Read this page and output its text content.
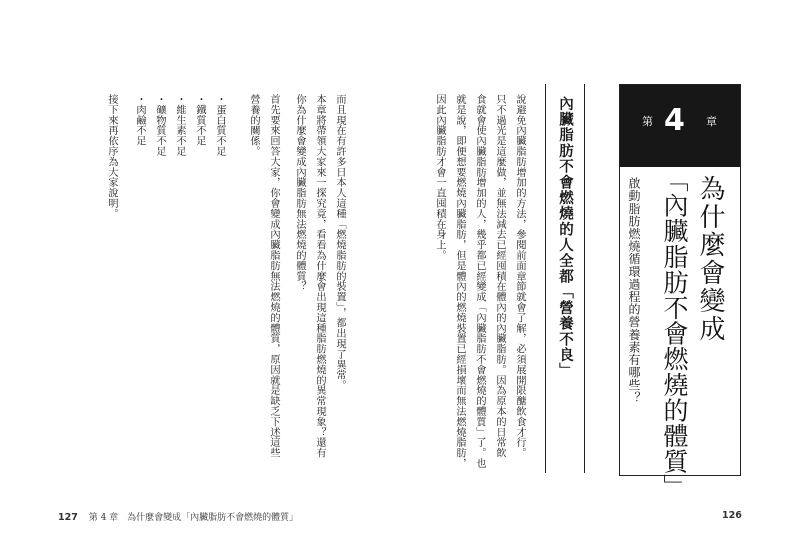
而且現在有許多日本人這種「燃燒脂肪的裝置」，都出現了異常。
本章將帶領大家來一探究竟，看看為什麼會出現這種脂肪燃燒的異常現象？還有
你為什麼會變成內臟脂肪無法燃燒的體質？
首先要來回答大家，你會變成內臟脂肪無法燃燒的體質，原因就是缺乏下述這些
營養的關係。
・蛋白質不足
・鐵質不足
・維生素不足
・礦物質不足
・肉鹼不足
接下來再依序為大家說明。
127 第 4 章　為什麼會變成「內臟脂肪不會燃燒的體質」
說避免內臟脂肪增加的方法，參閱前面章節就會了解，必須展開限醣飲食才行。
只不過光是這麼做，並無法減去已經囤積在體內的內臟脂肪。因為原本的日常飲
食就會使內臟脂肪增加的人，幾乎都已經變成「內臟脂肪不會燃燒的體質」了。也
就是說，即便想要燃燒內臟脂肪，但是體內的燃燒裝置已經損壞而無法燃燒脂肪，
因此內臟脂肪才會一直囤積在身上。	內臟脂肪不會燃燒的人全都「營養不良」	第 4 章
為什麼會變成
「內臟脂肪不會燃燒的體質」
啟動脂肪燃燒循環過程的營養素有哪些？
126
